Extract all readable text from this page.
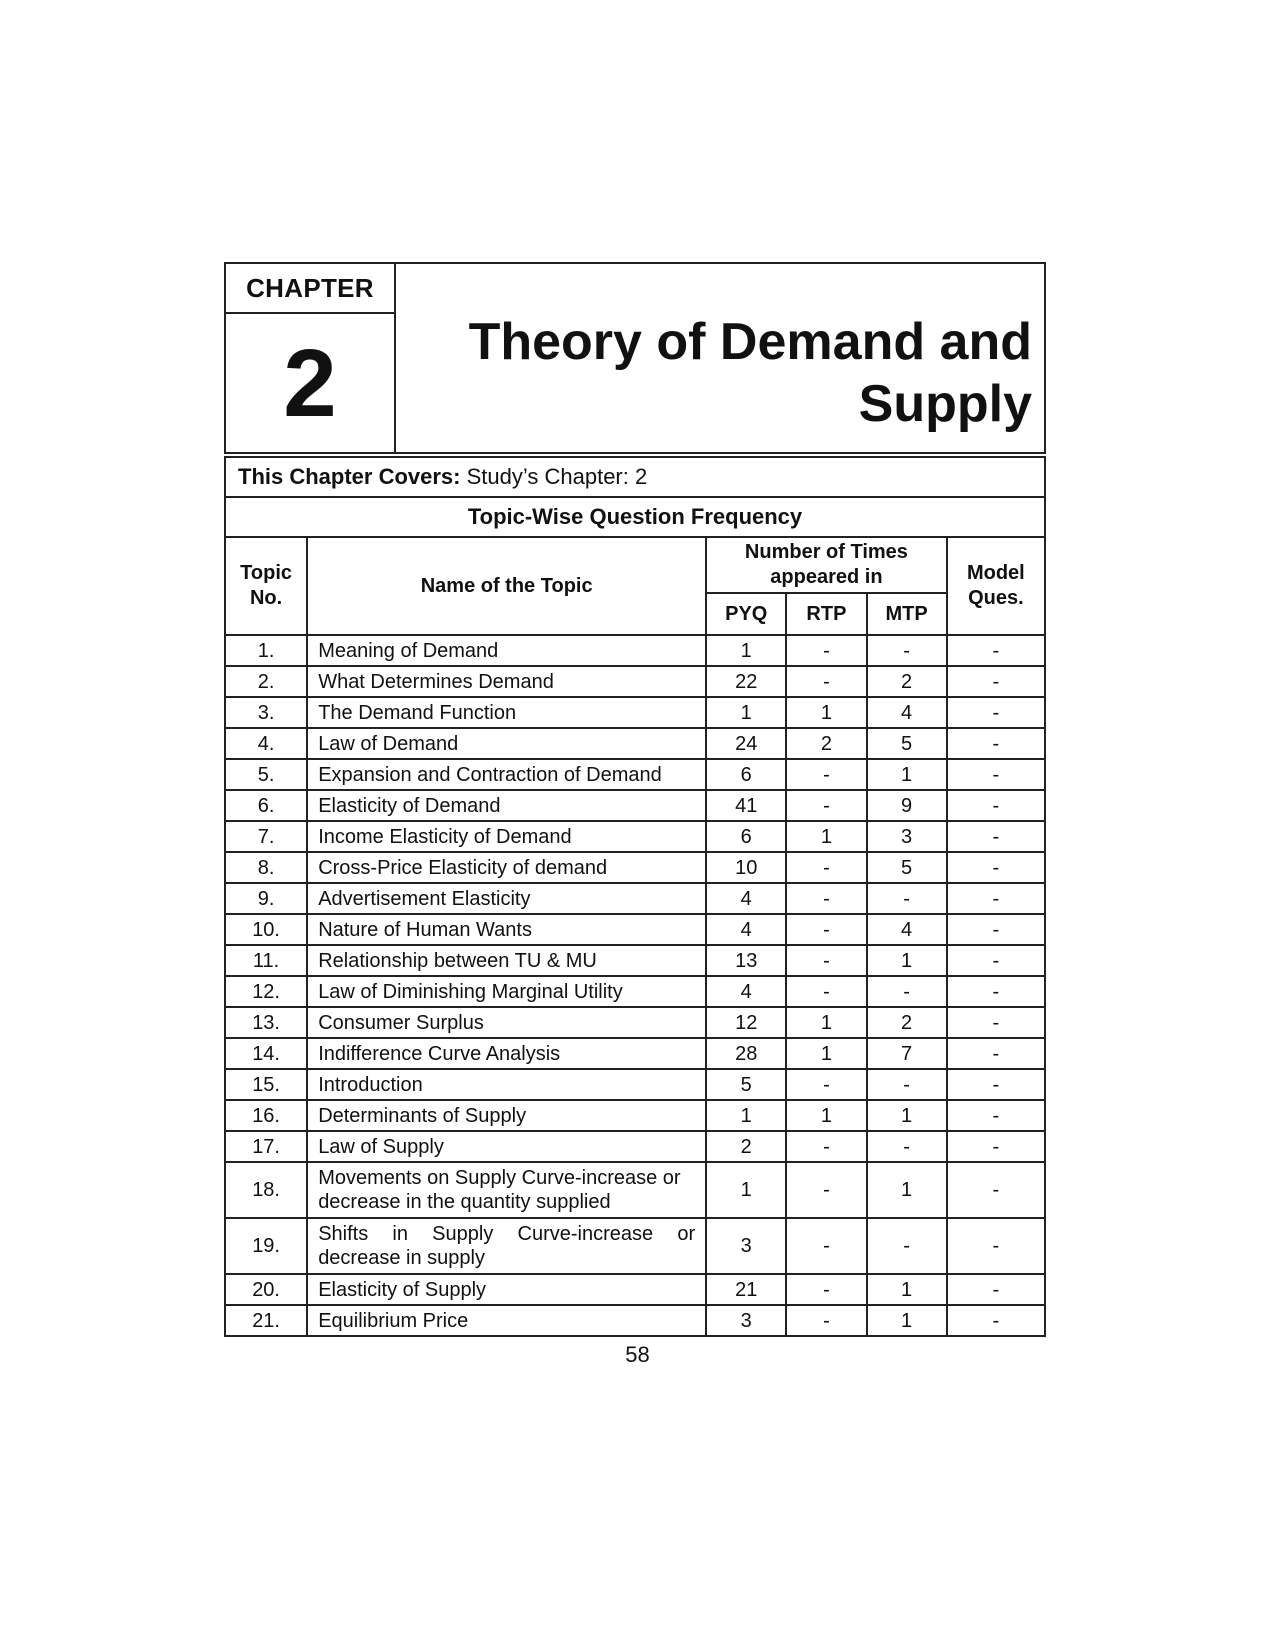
CHAPTER
2	Theory of Demand and
Supply
This Chapter Covers: Study’s Chapter: 2					
Topic-Wise Question Frequency					
Topic No.	Name of the Topic	Number of Times appeared in			Model Ques.
		PYQ	RTP	MTP	
1.	Meaning of Demand	1	-	-	-
2.	What Determines Demand	22	-	2	-
3.	The Demand Function	1	1	4	-
4.	Law of Demand	24	2	5	-
5.	Expansion and Contraction of Demand	6	-	1	-
6.	Elasticity of Demand	41	-	9	-
7.	Income Elasticity of Demand	6	1	3	-
8.	Cross-Price Elasticity of demand	10	-	5	-
9.	Advertisement Elasticity	4	-	-	-
10.	Nature of Human Wants	4	-	4	-
11.	Relationship between TU & MU	13	-	1	-
12.	Law of Diminishing Marginal Utility	4	-	-	-
13.	Consumer Surplus	12	1	2	-
14.	Indifference Curve Analysis	28	1	7	-
15.	Introduction	5	-	-	-
16.	Determinants of Supply	1	1	1	-
17.	Law of Supply	2	-	-	-
18.	Movements on Supply Curve-increase or decrease in the quantity supplied	1	-	1	-
19.	Shifts in Supply Curve-increase or decrease in supply	3	-	-	-
20.	Elasticity of Supply	21	-	1	-
21.	Equilibrium Price	3	-	1	-
58
